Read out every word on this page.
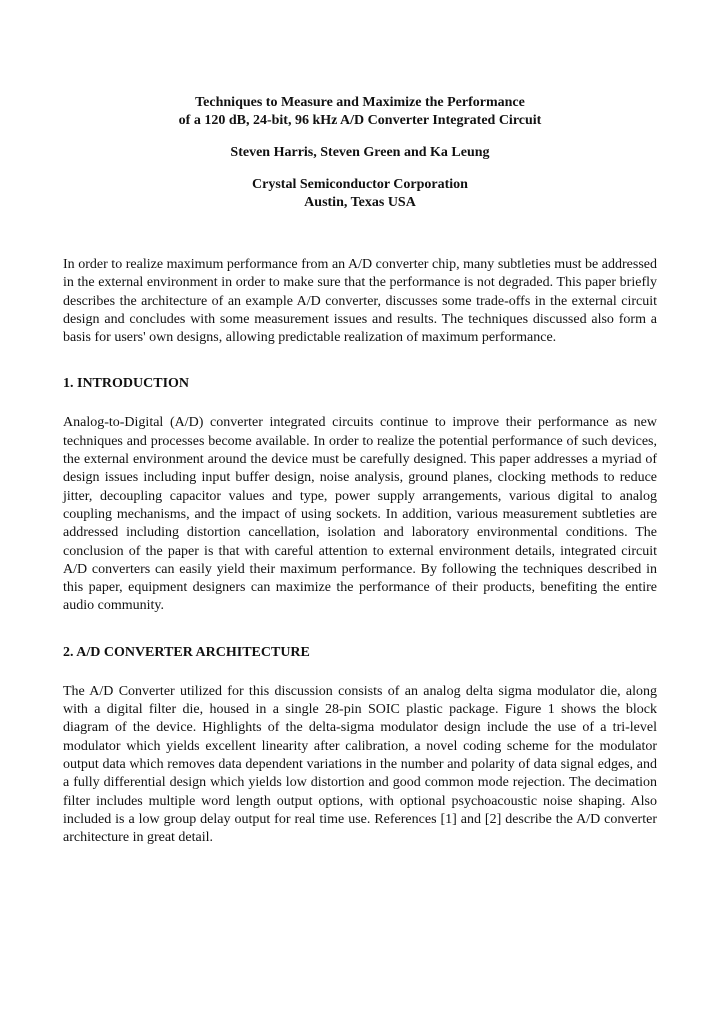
Techniques to Measure and Maximize the Performance

of a 120 dB, 24-bit, 96 kHz A/D Converter Integrated Circuit

Steven Harris, Steven Green and Ka Leung

Crystal Semiconductor Corporation
Austin, Texas USA

In order to realize maximum performance from an A/D converter chip, many subtleties must be addressed in the external environment in order to make sure that the performance is not degraded. This paper briefly describes the architecture of an example A/D converter, discusses some trade-offs in the external circuit design and concludes with some measurement issues and results. The techniques discussed also form a basis for users' own designs, allowing predictable realization of maximum performance.

1. INTRODUCTION

Analog-to-Digital (A/D) converter integrated circuits continue to improve their performance as new techniques and processes become available. In order to realize the potential performance of such devices, the external environment around the device must be carefully designed. This paper addresses a myriad of design issues including input buffer design, noise analysis, ground planes, clocking methods to reduce jitter, decoupling capacitor values and type, power supply arrangements, various digital to analog coupling mechanisms, and the impact of using sockets. In addition, various measurement subtleties are addressed including distortion cancellation, isolation and laboratory environmental conditions. The conclusion of the paper is that with careful attention to external environment details, integrated circuit A/D converters can easily yield their maximum performance. By following the techniques described in this paper, equipment designers can maximize the performance of their products, benefiting the entire audio community.

2. A/D CONVERTER ARCHITECTURE

The A/D Converter utilized for this discussion consists of an analog delta sigma modulator die, along with a digital filter die, housed in a single 28-pin SOIC plastic package. Figure 1 shows the block diagram of the device. Highlights of the delta-sigma modulator design include the use of a tri-level modulator which yields excellent linearity after calibration, a novel coding scheme for the modulator output data which removes data dependent variations in the number and polarity of data signal edges, and a fully differential design which yields low distortion and good common mode rejection. The decimation filter includes multiple word length output options, with optional psychoacoustic noise shaping. Also included is a low group delay output for real time use. References [1] and [2] describe the A/D converter architecture in great detail.
